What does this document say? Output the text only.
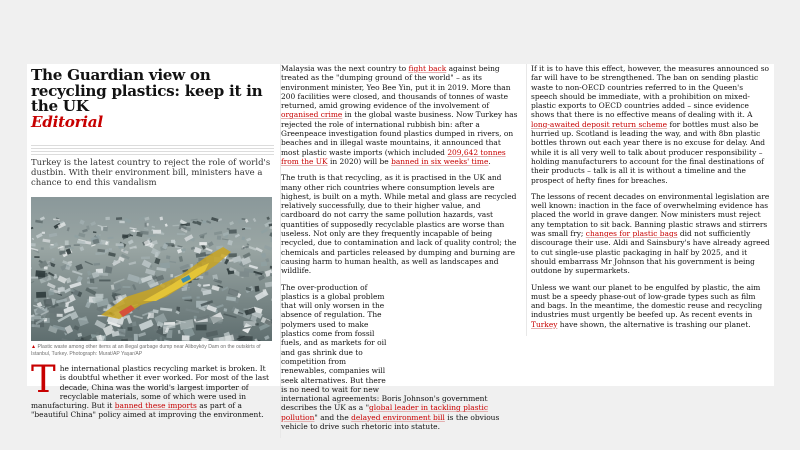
The Guardian view on recycling plastics: keep it in the UK
Editorial

Turkey is the latest country to reject the role of world's dustbin. With their environment bill, ministers have a chance to end this vandalism

▲ Plastic waste among other items at an illegal garbage dump near Aliboyköy Dam on the outskirts of Istanbul, Turkey. Photograph: Murat/AP Yaşar/AP

The international plastics recycling market is broken. It is doubtful whether it ever worked. For most of the last decade, China was the world's largest importer of recyclable materials, some of which were used in manufacturing. But it banned these imports as part of a "beautiful China" policy aimed at improving the environment.

Malaysia was the next country to fight back against being treated as the "dumping ground of the world" – as its environment minister, Yeo Bee Yin, put it in 2019. More than 200 facilities were closed, and thousands of tonnes of waste returned, amid growing evidence of the involvement of organised crime in the global waste business. Now Turkey has rejected the role of international rubbish bin: after a Greenpeace investigation found plastics dumped in rivers, on beaches and in illegal waste mountains, it announced that most plastic waste imports (which included 209,642 tonnes from the UK in 2020) will be banned in six weeks' time.

The truth is that recycling, as it is practised in the UK and many other rich countries where consumption levels are highest, is built on a myth. While metal and glass are recycled relatively successfully, due to their higher value, and cardboard do not carry the same pollution hazards, vast quantities of supposedly recyclable plastics are worse than useless. Not only are they frequently incapable of being recycled, due to contamination and lack of quality control; the chemicals and particles released by dumping and burning are causing harm to human health, as well as landscapes and wildlife.

The over-production of plastics is a global problem that will only worsen in the absence of regulation. The polymers used to make plastics come from fossil fuels, and as markets for oil and gas shrink due to competition from renewables, companies will seek alternatives. But there is no need to wait for new international agreements: Boris Johnson's government describes the UK as a "global leader in tackling plastic pollution" and the delayed environment bill is the obvious vehicle to drive such rhetoric into statute.

If it is to have this effect, however, the measures announced so far will have to be strengthened. The ban on sending plastic waste to non-OECD countries referred to in the Queen's speech should be immediate, with a prohibition on mixed-plastic exports to OECD countries added – since evidence shows that there is no effective means of dealing with it. A long-awaited deposit return scheme for bottles must also be hurried up. Scotland is leading the way, and with 8bn plastic bottles thrown out each year there is no excuse for delay. And while it is all very well to talk about producer responsibility – holding manufacturers to account for the final destinations of their products – talk is all it is without a timeline and the prospect of hefty fines for breaches.

The lessons of recent decades on environmental legislation are well known: inaction in the face of overwhelming evidence has placed the world in grave danger. Now ministers must reject any temptation to sit back. Banning plastic straws and stirrers was small fry; changes for plastic bags did not sufficiently discourage their use. Aldi and Sainsbury's have already agreed to cut single-use plastic packaging in half by 2025, and it should embarrass Mr Johnson that his government is being outdone by supermarkets.

Unless we want our planet to be engulfed by plastic, the aim must be a speedy phase-out of low-grade types such as film and bags. In the meantime, the domestic reuse and recycling industries must urgently be beefed up. As recent events in Turkey have shown, the alternative is trashing our planet.
